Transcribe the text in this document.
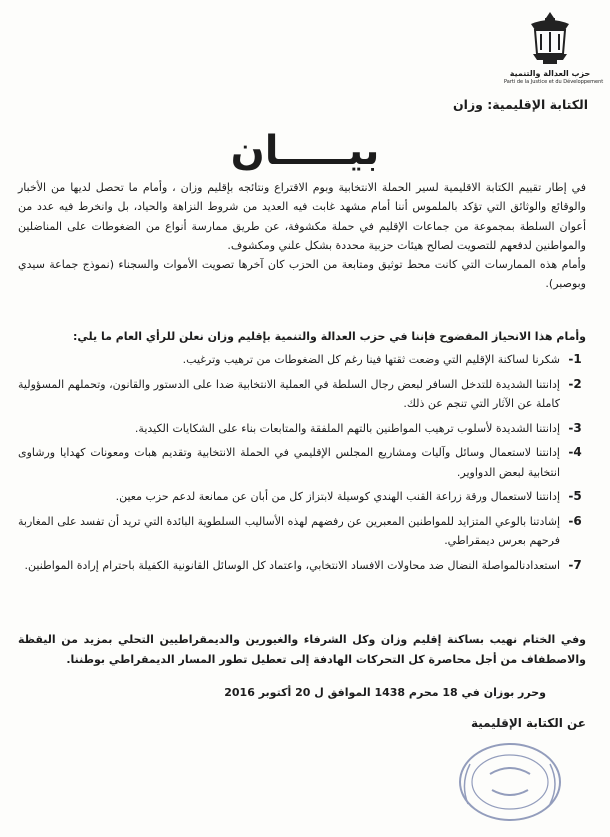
حزب العدالة والتنمية
Parti de la Justice et du Développement
الكتابة الإقليمية: وزان
بيـــــان

في إطار تقييم الكتابة الاقليمية لسير الحملة الانتخابية وبوم الاقتراع ونتائجه بإقليم وزان ، وأمام ما تحصل لديها من الأخبار والوقائع والوثائق التي تؤكد بالملموس أننا أمام مشهد غابت فيه العديد من شروط النزاهة والحياد، بل وانخرط فيه عدد من أعوان السلطة بمجموعة من جماعات الإقليم في حملة مكشوفة، عن طريق ممارسة أنواع من الضغوطات على المناضلين والمواطنين لدفعهم للتصويت لصالح هيئات حزبية محددة بشكل علني ومكشوف.

وأمام هذه الممارسات التي كانت محط توثيق ومتابعة من الحزب كان آخرها تصويت الأموات والسجناء (نموذج جماعة سيدي وبوصبر).

وأمام هذا الانحياز المفضوح فإننا في حزب العدالة والتنمية بإقليم وزان نعلن للرأي العام ما يلي:
1-
شكرنا لساكنة الإقليم التي وضعت ثقتها فينا رغم كل الضغوطات من ترهيب وترغيب.
2-
إدانتنا الشديدة للتدخل السافر لبعض رجال السلطة في العملية الانتخابية ضدا على الدستور والقانون، وتحملهم المسؤولية كاملة عن الآثار التي تنجم عن ذلك.
3-
إدانتنا الشديدة لأسلوب ترهيب المواطنين بالتهم الملفقة والمتابعات بناء على الشكايات الكيدية.
4-
إدانتنا لاستعمال وسائل وآليات ومشاريع المجلس الإقليمي في الحملة الانتخابية وتقديم هبات ومعونات كهدايا ورشاوى انتخابية لبعض الدواوير.
5-
إدانتنا لاستعمال ورقة زراعة القنب الهندي كوسيلة لابتزاز كل من أبان عن ممانعة لدعم حزب معين.
6-
إشادتنا بالوعي المتزايد للمواطنين المعبرين عن رفضهم لهذه الأساليب السلطوية البائدة التي تريد أن تفسد على المغاربة فرحهم بعرس ديمقراطي.
7-
استعدادنالمواصلة النضال ضد محاولات الافساد الانتخابي، واعتماد كل الوسائل القانونية الكفيلة باحترام إرادة المواطنين.
وفي الختام نهيب بساكنة إقليم وزان وكل الشرفاء والغيورين والديمقراطيين التحلي بمزيد من اليقظة والاصطفاف من أجل محاصرة كل التحركات الهادفة إلى تعطيل تطور المسار الديمقراطي بوطننا.
وحرر بوزان في 18 محرم 1438 الموافق ل 20 أكتوبر 2016
عن الكتابة الإقليمية
